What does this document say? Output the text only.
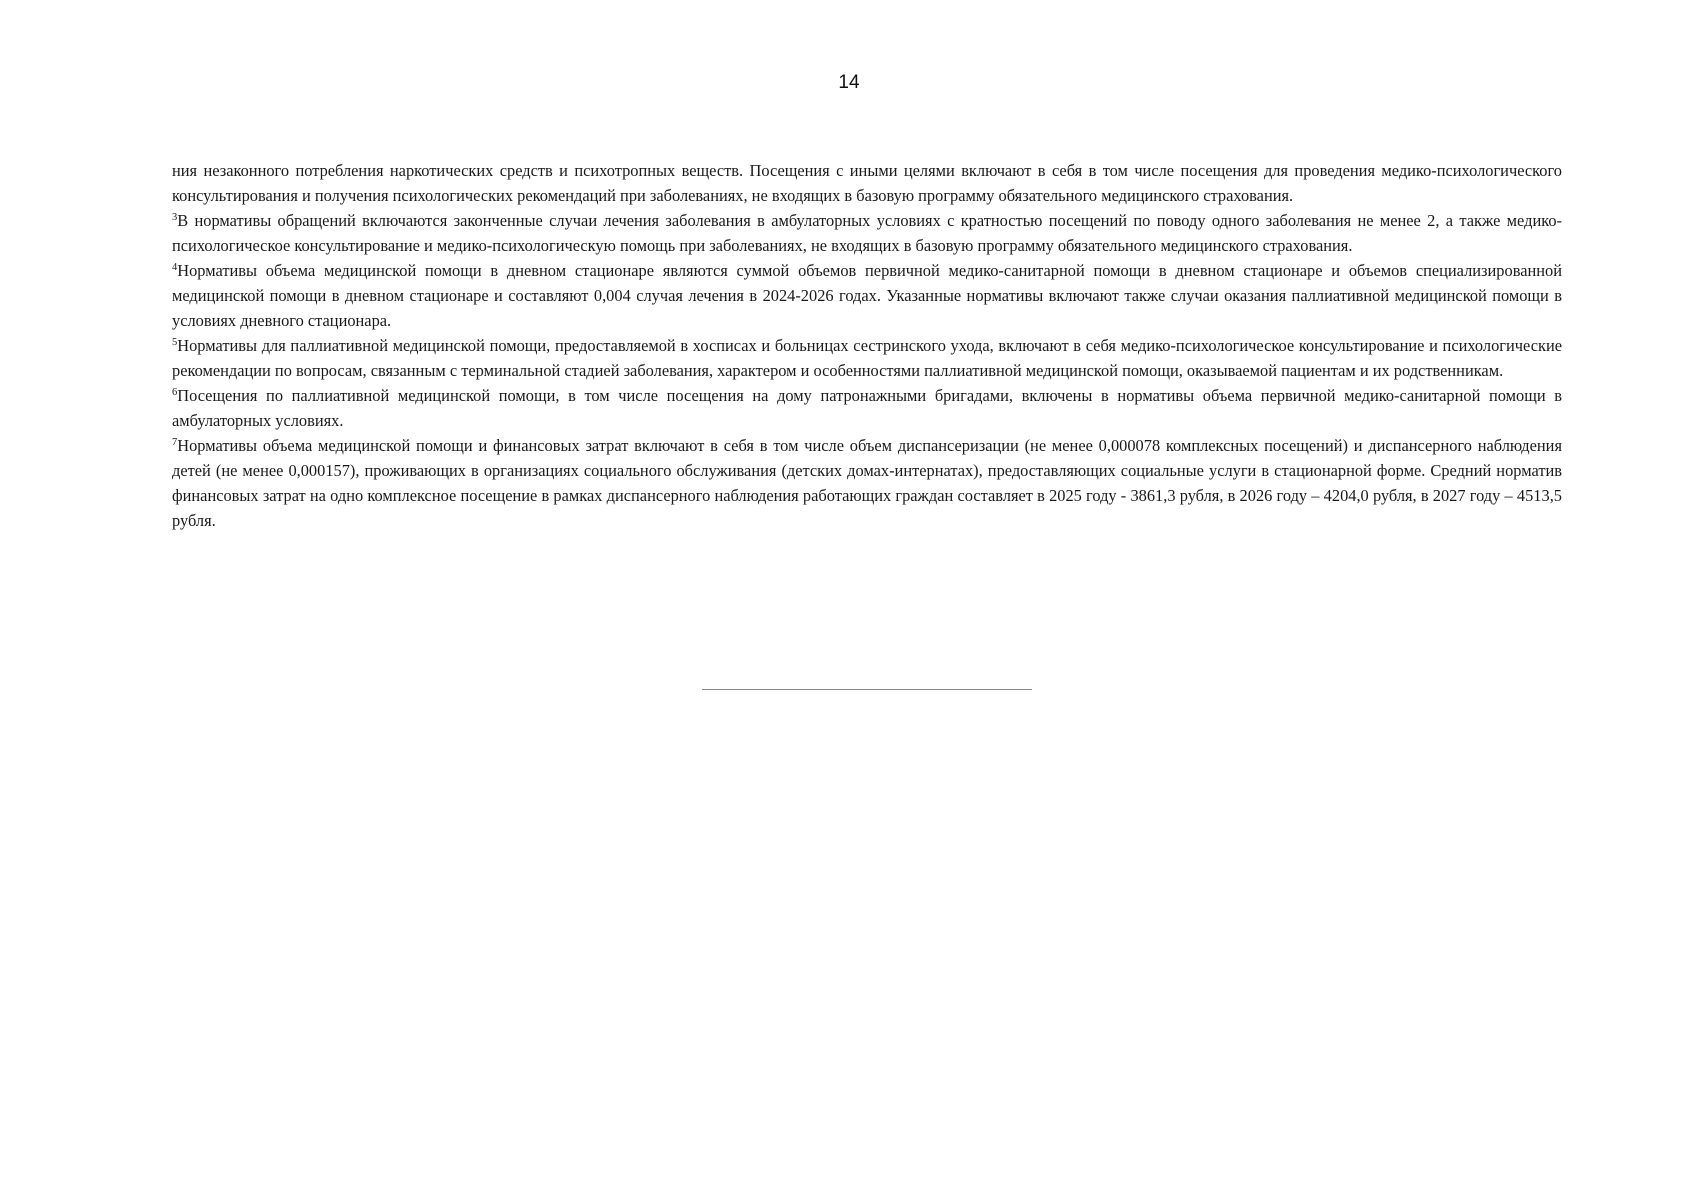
14

ния незаконного потребления наркотических средств и психотропных веществ. Посещения с иными целями включают в себя в том числе посещения для проведения медико-психологического консультирования и получения психологических рекомендаций при заболеваниях, не входящих в базовую программу обязательного медицинского страхования.

$^3$В нормативы обращений включаются законченные случаи лечения заболевания в амбулаторных условиях с кратностью посещений по поводу одного заболевания не менее 2, а также медико-психологическое консультирование и медико-психологическую помощь при заболеваниях, не входящих в базовую программу обязательного медицинского страхования.

$^4$Нормативы объема медицинской помощи в дневном стационаре являются суммой объемов первичной медико-санитарной помощи в дневном стационаре и объемов специализированной медицинской помощи в дневном стационаре и составляют 0,004 случая лечения в 2024-2026 годах. Указанные нормативы включают также случаи оказания паллиативной медицинской помощи в условиях дневного стационара.

$^5$Нормативы для паллиативной медицинской помощи, предоставляемой в хосписах и больницах сестринского ухода, включают в себя медико-психологическое консультирование и психологические рекомендации по вопросам, связанным с терминальной стадией заболевания, характером и особенностями паллиативной медицинской помощи, оказываемой пациентам и их родственникам.

$^6$Посещения по паллиативной медицинской помощи, в том числе посещения на дому патронажными бригадами, включены в нормативы объема первичной медико-санитарной помощи в амбулаторных условиях.

$^7$Нормативы объема медицинской помощи и финансовых затрат включают в себя в том числе объем диспансеризации (не менее 0,000078 комплексных посещений) и диспансерного наблюдения детей (не менее 0,000157), проживающих в организациях социального обслуживания (детских домах-интернатах), предоставляющих социальные услуги в стационарной форме. Средний норматив финансовых затрат на одно комплексное посещение в рамках диспансерного наблюдения работающих граждан составляет в 2025 году - 3861,3 рубля, в 2026 году – 4204,0 рубля, в 2027 году – 4513,5 рубля.
